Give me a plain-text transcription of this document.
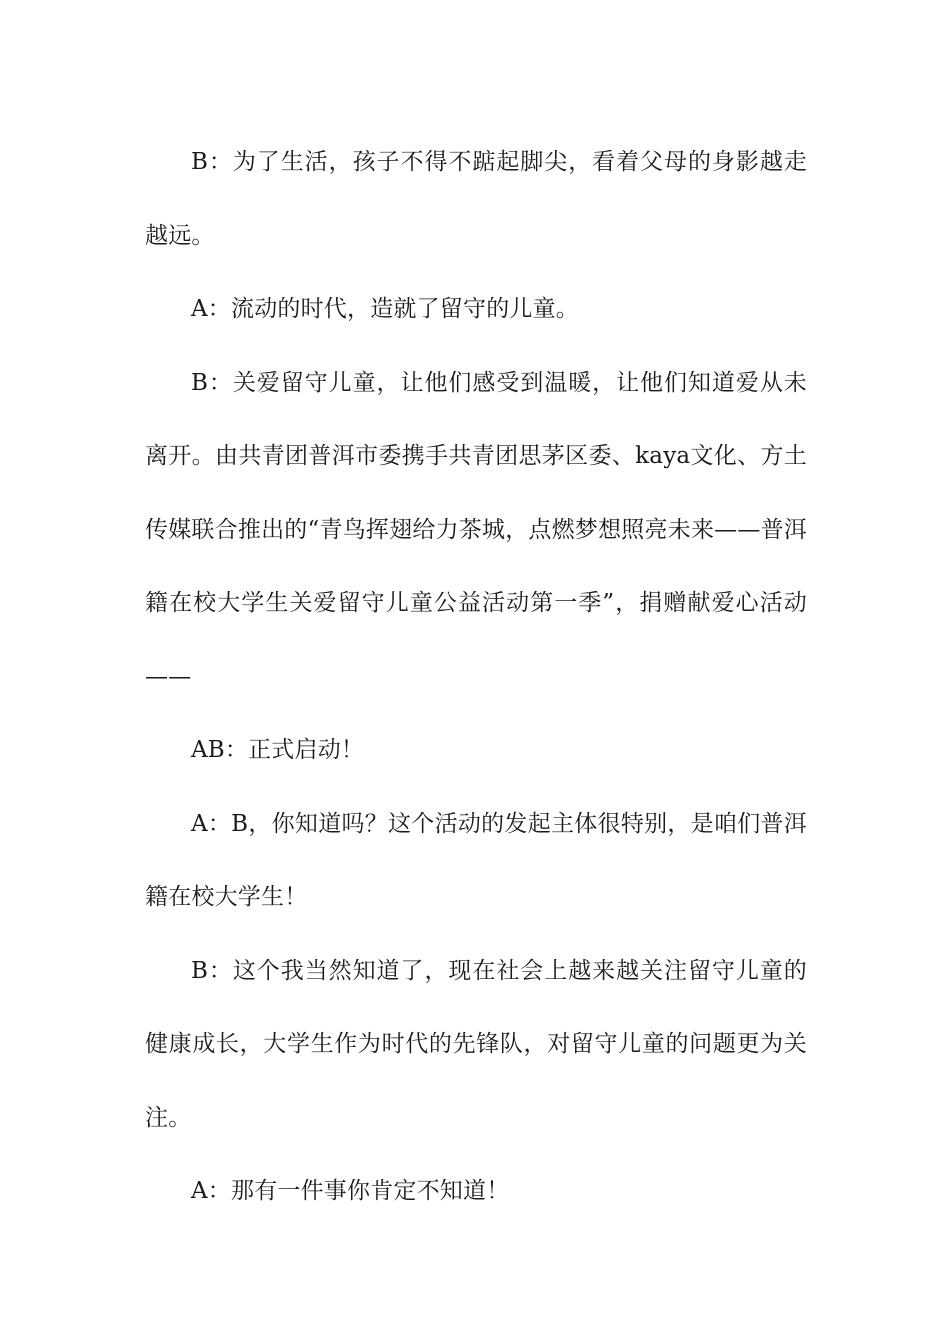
B：为了生活，孩子不得不踮起脚尖，看着父母的身影越走越远。

A：流动的时代，造就了留守的儿童。

B：关爱留守儿童，让他们感受到温暖，让他们知道爱从未离开。由共青团普洱市委携手共青团思茅区委、kaya文化、方土传媒联合推出的“青鸟挥翅给力茶城，点燃梦想照亮未来——普洱籍在校大学生关爱留守儿童公益活动第一季”，捐赠献爱心活动——

AB：正式启动！

A：B，你知道吗？这个活动的发起主体很特别，是咱们普洱籍在校大学生！

B：这个我当然知道了，现在社会上越来越关注留守儿童的健康成长，大学生作为时代的先锋队，对留守儿童的问题更为关注。

A：那有一件事你肯定不知道！
